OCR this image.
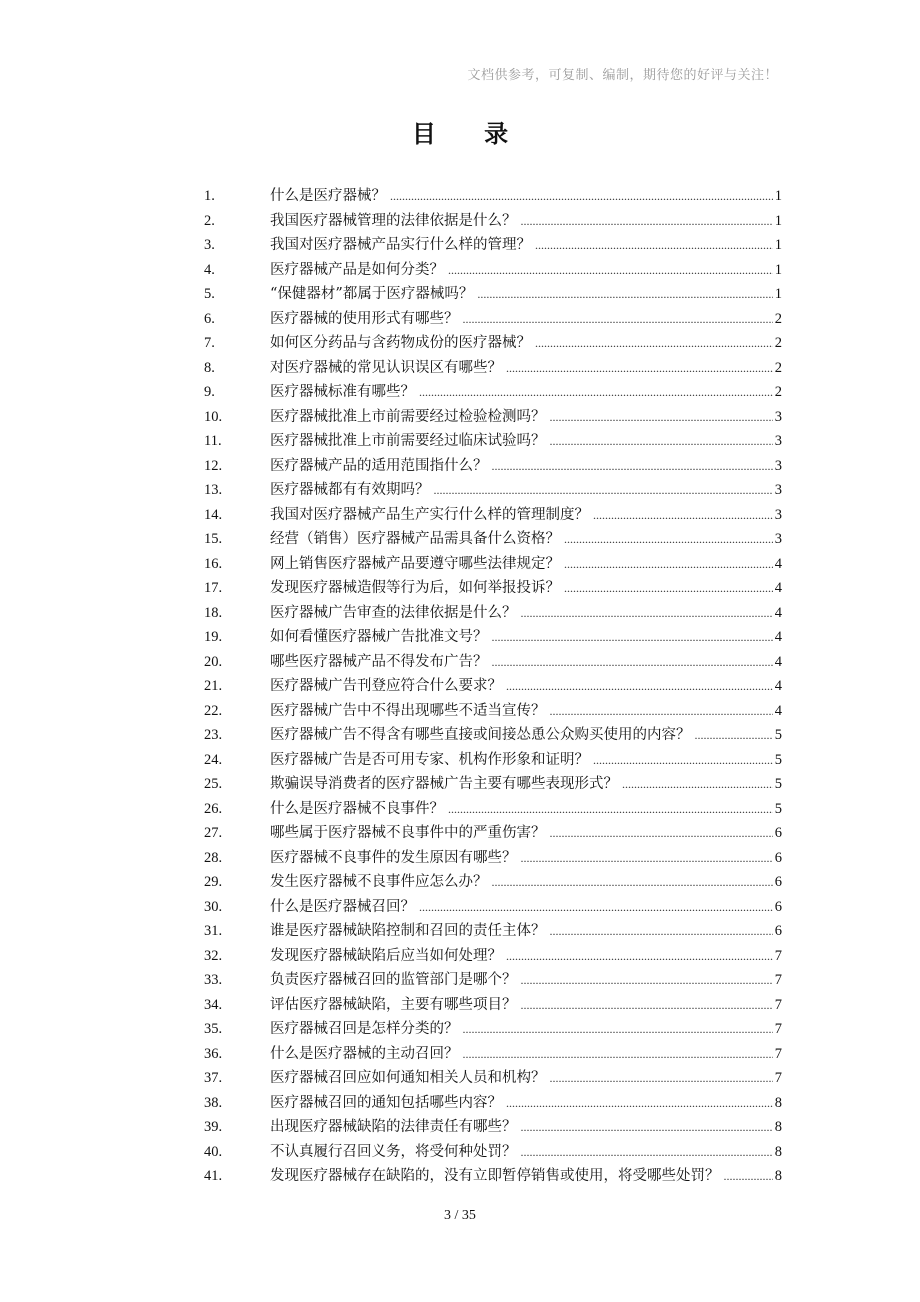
文档供参考，可复制、编制，期待您的好评与关注！
目 录
1.	什么是医疗器械？ .....	1
2.	我国医疗器械管理的法律依据是什么？ .....	1
3.	我国对医疗器械产品实行什么样的管理？ .....	1
4.	医疗器械产品是如何分类？ .....	1
5.	“保健器材”都属于医疗器械吗？ .....	1
6.	医疗器械的使用形式有哪些？ .....	2
7.	如何区分药品与含药物成份的医疗器械？ .....	2
8.	对医疗器械的常见认识误区有哪些？ .....	2
9.	医疗器械标准有哪些？ .....	2
10.	医疗器械批准上市前需要经过检验检测吗？ .....	3
11.	医疗器械批准上市前需要经过临床试验吗？ .....	3
12.	医疗器械产品的适用范围指什么？ .....	3
13.	医疗器械都有有效期吗？ .....	3
14.	我国对医疗器械产品生产实行什么样的管理制度？ .....	3
15.	经营（销售）医疗器械产品需具备什么资格？ .....	3
16.	网上销售医疗器械产品要遵守哪些法律规定？ .....	4
17.	发现医疗器械造假等行为后，如何举报投诉？ .....	4
18.	医疗器械广告审查的法律依据是什么？ .....	4
19.	如何看懂医疗器械广告批准文号？ .....	4
20.	哪些医疗器械产品不得发布广告？ .....	4
21.	医疗器械广告刊登应符合什么要求？ .....	4
22.	医疗器械广告中不得出现哪些不适当宣传？ .....	4
23.	医疗器械广告不得含有哪些直接或间接怂恿公众购买使用的内容？ .....	5
24.	医疗器械广告是否可用专家、机构作形象和证明？ .....	5
25.	欺骗误导消费者的医疗器械广告主要有哪些表现形式？ .....	5
26.	什么是医疗器械不良事件？ .....	5
27.	哪些属于医疗器械不良事件中的严重伤害？ .....	6
28.	医疗器械不良事件的发生原因有哪些？ .....	6
29.	发生医疗器械不良事件应怎么办？ .....	6
30.	什么是医疗器械召回？ .....	6
31.	谁是医疗器械缺陷控制和召回的责任主体？ .....	6
32.	发现医疗器械缺陷后应当如何处理？ .....	7
33.	负责医疗器械召回的监管部门是哪个？ .....	7
34.	评估医疗器械缺陷，主要有哪些项目？ .....	7
35.	医疗器械召回是怎样分类的？ .....	7
36.	什么是医疗器械的主动召回？ .....	7
37.	医疗器械召回应如何通知相关人员和机构？ .....	7
38.	医疗器械召回的通知包括哪些内容？ .....	8
39.	出现医疗器械缺陷的法律责任有哪些？ .....	8
40.	不认真履行召回义务，将受何种处罚？ .....	8
41.	发现医疗器械存在缺陷的，没有立即暂停销售或使用，将受哪些处罚？ .....	8
3 / 35
